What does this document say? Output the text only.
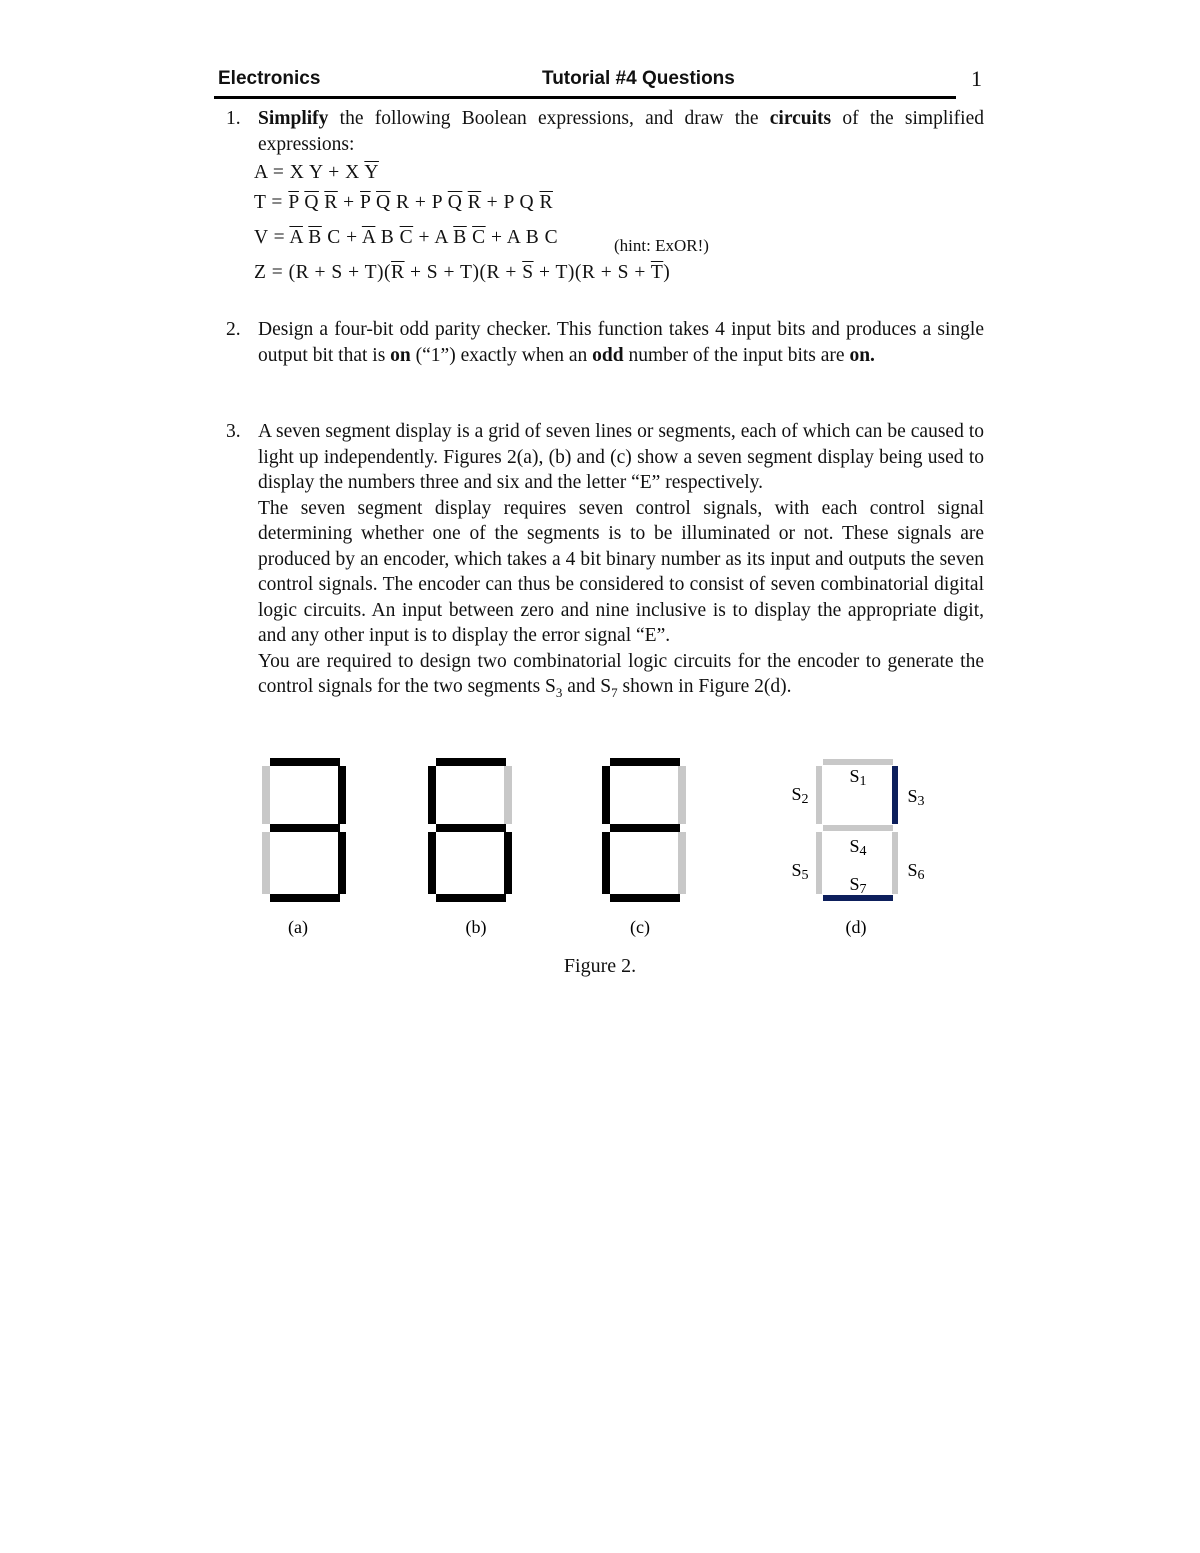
Electronics	Tutorial #4 Questions	1
1. Simplify the following Boolean expressions, and draw the circuits of the simplified expressions:
A = X Y + X $\overline{Y}$
$T = \overline{P}$ $\overline{Q}$ $\overline{R} + \overline{P}$ $\overline{Q}$ R + P $\overline{Q}$ $\overline{R} + P$ Q $\overline{R}$
$V = \overline{A}$ $\overline{B}$ $C + \overline{A}$ B $\overline{C} + A$ $\overline{B}$ $\overline{C} + A$ B C	(hint: ExOR!)
$Z = (R + S + T)(\overline{R} + S + T)(R + \overline{S} + T)(R + S + \overline{T})$
2. Design a four-bit odd parity checker. This function takes 4 input bits and produces a single output bit that is on (“1”) exactly when an odd number of the input bits are on.
3. A seven segment display is a grid of seven lines or segments, each of which can be caused to light up independently. Figures 2(a), (b) and (c) show a seven segment display being used to display the numbers three and six and the letter “E” respectively.

The seven segment display requires seven control signals, with each control signal determining whether one of the segments is to be illuminated or not. These signals are produced by an encoder, which takes a 4 bit binary number as its input and outputs the seven control signals. The encoder can thus be considered to consist of seven combinatorial digital logic circuits. An input between zero and nine inclusive is to display the appropriate digit, and any other input is to display the error signal “E”.

You are required to design two combinatorial logic circuits for the encoder to generate the control signals for the two segments $S_3$ and $S_7$ shown in Figure 2(d).

(a)	(b)	(c)	(d)
S1
S2	S3
S4
S5	S6
S7
Figure 2.
